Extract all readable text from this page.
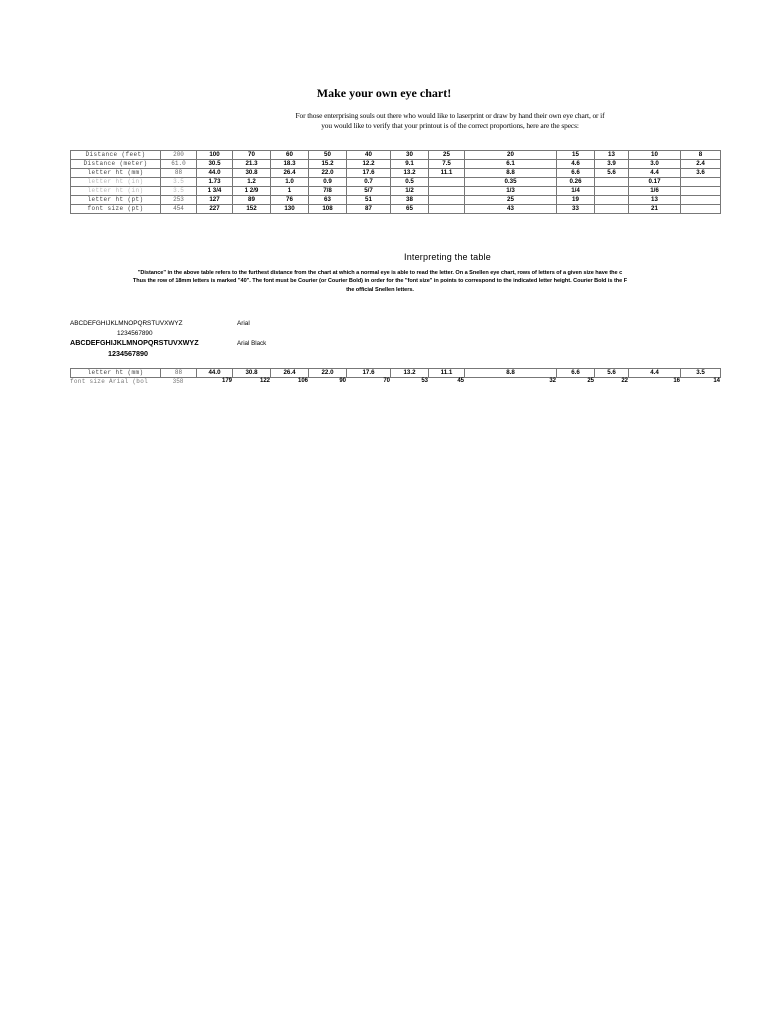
Make your own eye chart!
For those enterprising souls out there who would like to laserprint or draw by hand their own eye chart, or if
you would like to verify that your printout is of the correct proportions, here are the specs:
Distance (feet)	200	100	70	60	50	40	30	25	20	15	13	10	8
Distance (meter)	61.0	30.5	21.3	18.3	15.2	12.2	9.1	7.5	6.1	4.6	3.9	3.0	2.4
letter ht (mm)	88	44.0	30.8	26.4	22.0	17.6	13.2	11.1	8.8	6.6	5.6	4.4	3.6
letter ht (in)	3.5	1.73	1.2	1.0	0.9	0.7	0.5		0.35	0.26		0.17	
letter ht (in)	3.5	1 3/4	1 2/9	1	7/8	5/7	1/2		1/3	1/4		1/6	
letter ht (pt)	253	127	89	76	63	51	38		25	19		13	
font size (pt)	454	227	152	130	108	87	65		43	33		21	
Interpreting the table
"Distance" in the above table refers to the furthest distance from the chart at which a normal eye is able to read the letter. On a Snellen eye chart, rows of letters of a given size have the c
Thus the row of 18mm letters is marked "40". The font must be Courier (or Courier Bold) in order for the "font size" in points to correspond to the indicated letter height. Courier Bold is the F
the official Snellen letters.
ABCDEFGHIJKLMNOPQRSTUVXWYZ
1234567890
Arial
ABCDEFGHIJKLMNOPQRSTUVXWYZ
1234567890
Arial Black
letter ht (mm)	88	44.0	30.8	26.4	22.0	17.6	13.2	11.1	8.8	6.6	5.6	4.4	3.5
font size Arial (bol	358	179	122	106	90	70	53	45	32	25	22	16	14
